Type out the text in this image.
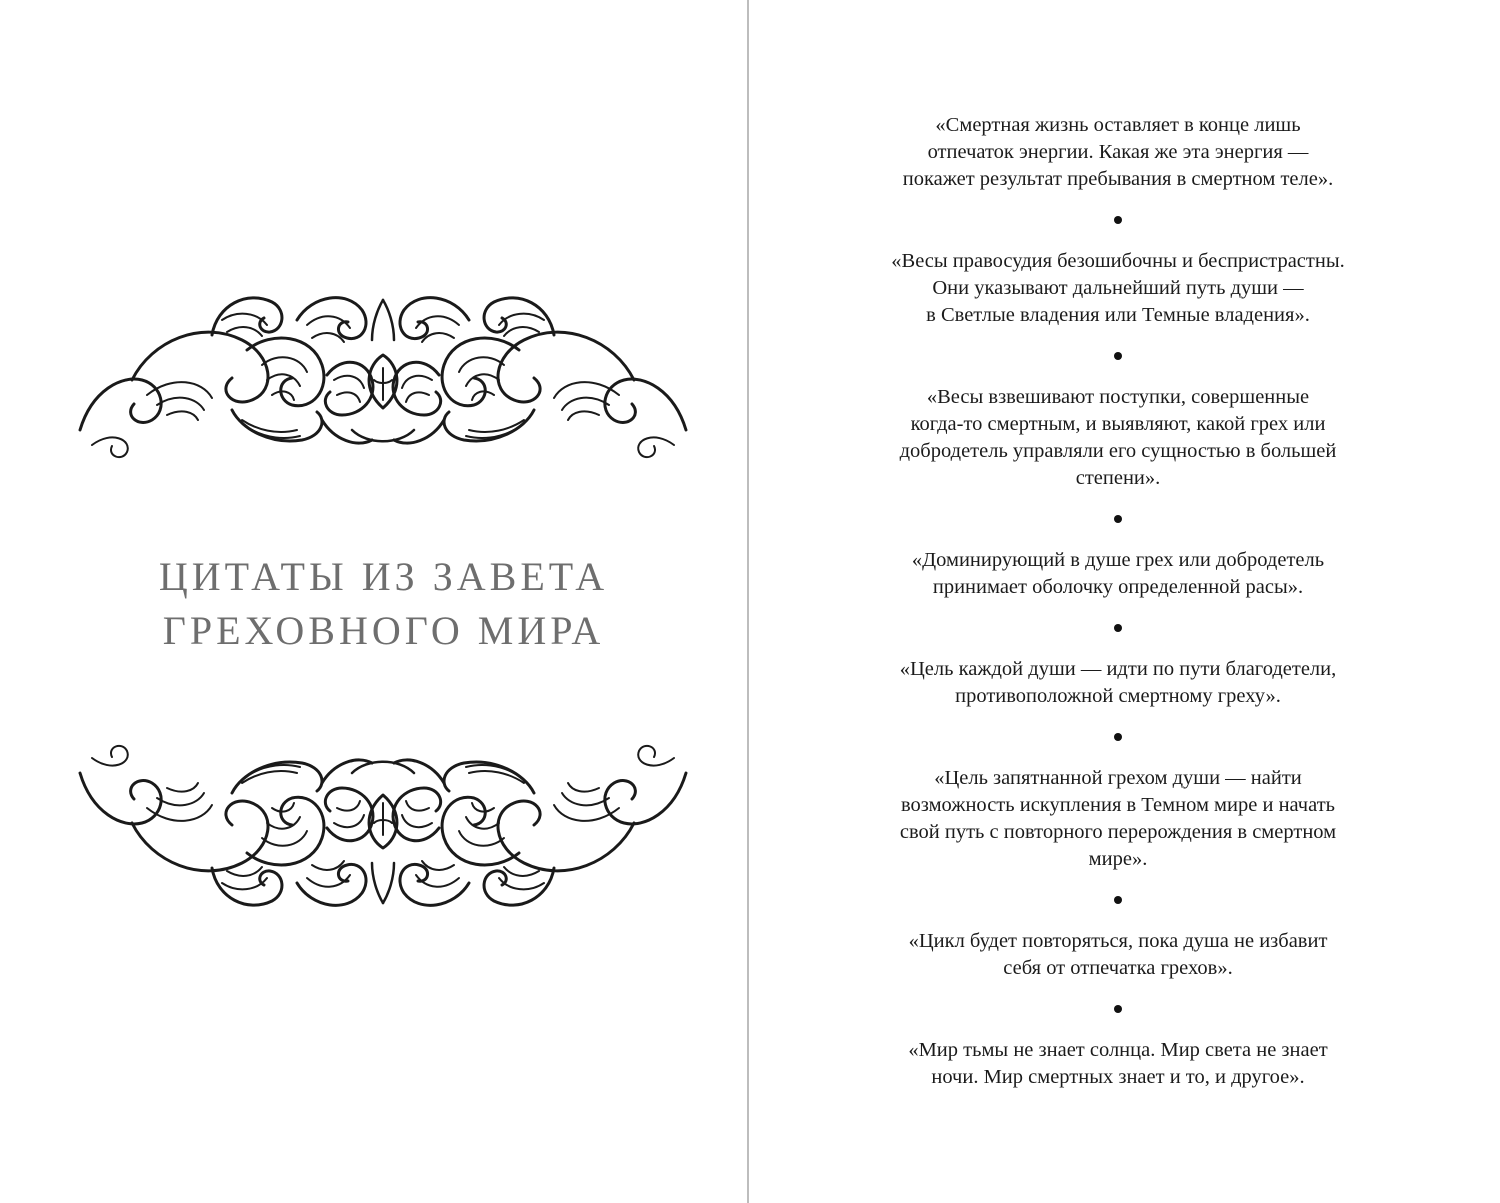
ЦИТАТЫ ИЗ ЗАВЕТА
ГРЕХОВНОГО МИРА

«Смертная жизнь оставляет в конце лишь
отпечаток энергии. Какая же эта энергия —
покажет результат пребывания в смертном теле».

«Весы правосудия безошибочны и беспристрастны.
Они указывают дальнейший путь души —
в Светлые владения или Темные владения».

«Весы взвешивают поступки, совершенные
когда-то смертным, и выявляют, какой грех или
добродетель управляли его сущностью в большей
степени».

«Доминирующий в душе грех или добродетель
принимает оболочку определенной расы».

«Цель каждой души — идти по пути благодетели,
противоположной смертному греху».

«Цель запятнанной грехом души — найти
возможность искупления в Темном мире и начать
свой путь с повторного перерождения в смертном
мире».

«Цикл будет повторяться, пока душа не избавит
себя от отпечатка грехов».

«Мир тьмы не знает солнца. Мир света не знает
ночи. Мир смертных знает и то, и другое».
